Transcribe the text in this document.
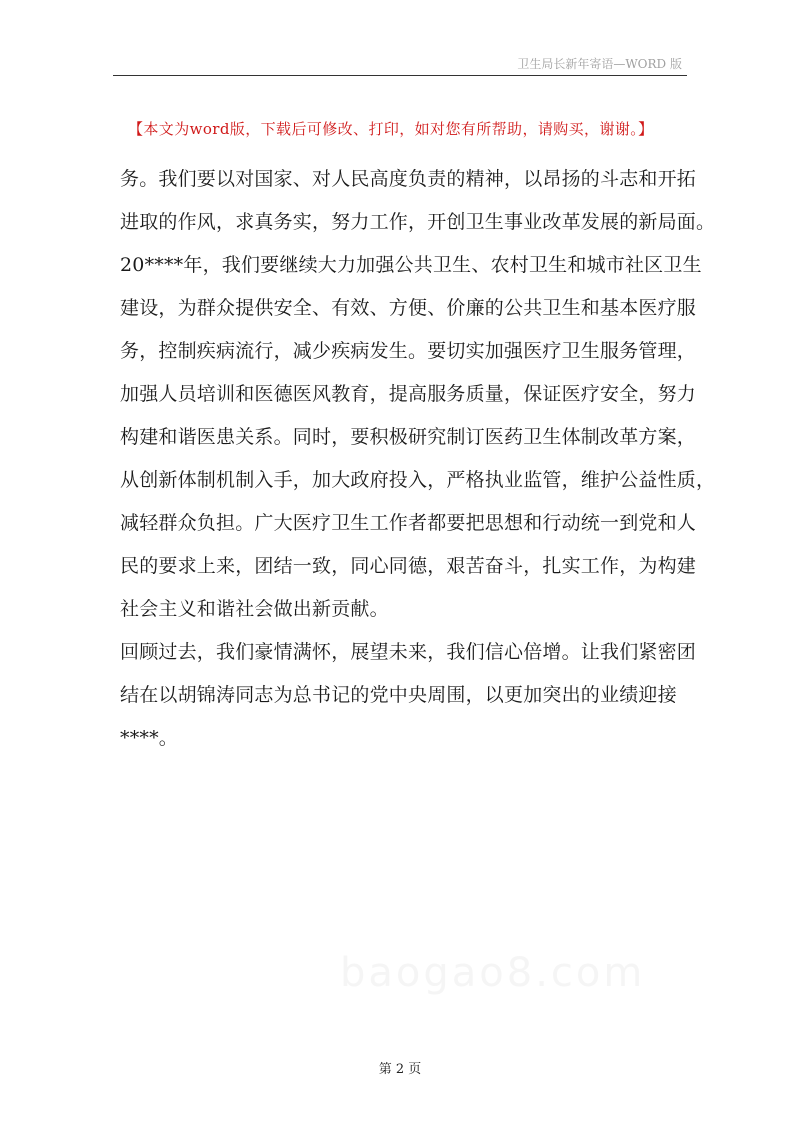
卫生局长新年寄语—WORD 版
【本文为word版，下载后可修改、打印，如对您有所帮助，请购买，谢谢。】
务。我们要以对国家、对人民高度负责的精神，以昂扬的斗志和开拓
进取的作风，求真务实，努力工作，开创卫生事业改革发展的新局面。
20****年，我们要继续大力加强公共卫生、农村卫生和城市社区卫生
建设，为群众提供安全、有效、方便、价廉的公共卫生和基本医疗服
务，控制疾病流行，减少疾病发生。要切实加强医疗卫生服务管理，
加强人员培训和医德医风教育，提高服务质量，保证医疗安全，努力
构建和谐医患关系。同时，要积极研究制订医药卫生体制改革方案，
从创新体制机制入手，加大政府投入，严格执业监管，维护公益性质，
减轻群众负担。广大医疗卫生工作者都要把思想和行动统一到党和人
民的要求上来，团结一致，同心同德，艰苦奋斗，扎实工作，为构建
社会主义和谐社会做出新贡献。
回顾过去，我们豪情满怀，展望未来，我们信心倍增。让我们紧密团
结在以胡锦涛同志为总书记的党中央周围，以更加突出的业绩迎接
****。
baogao8.com
第 2 页
